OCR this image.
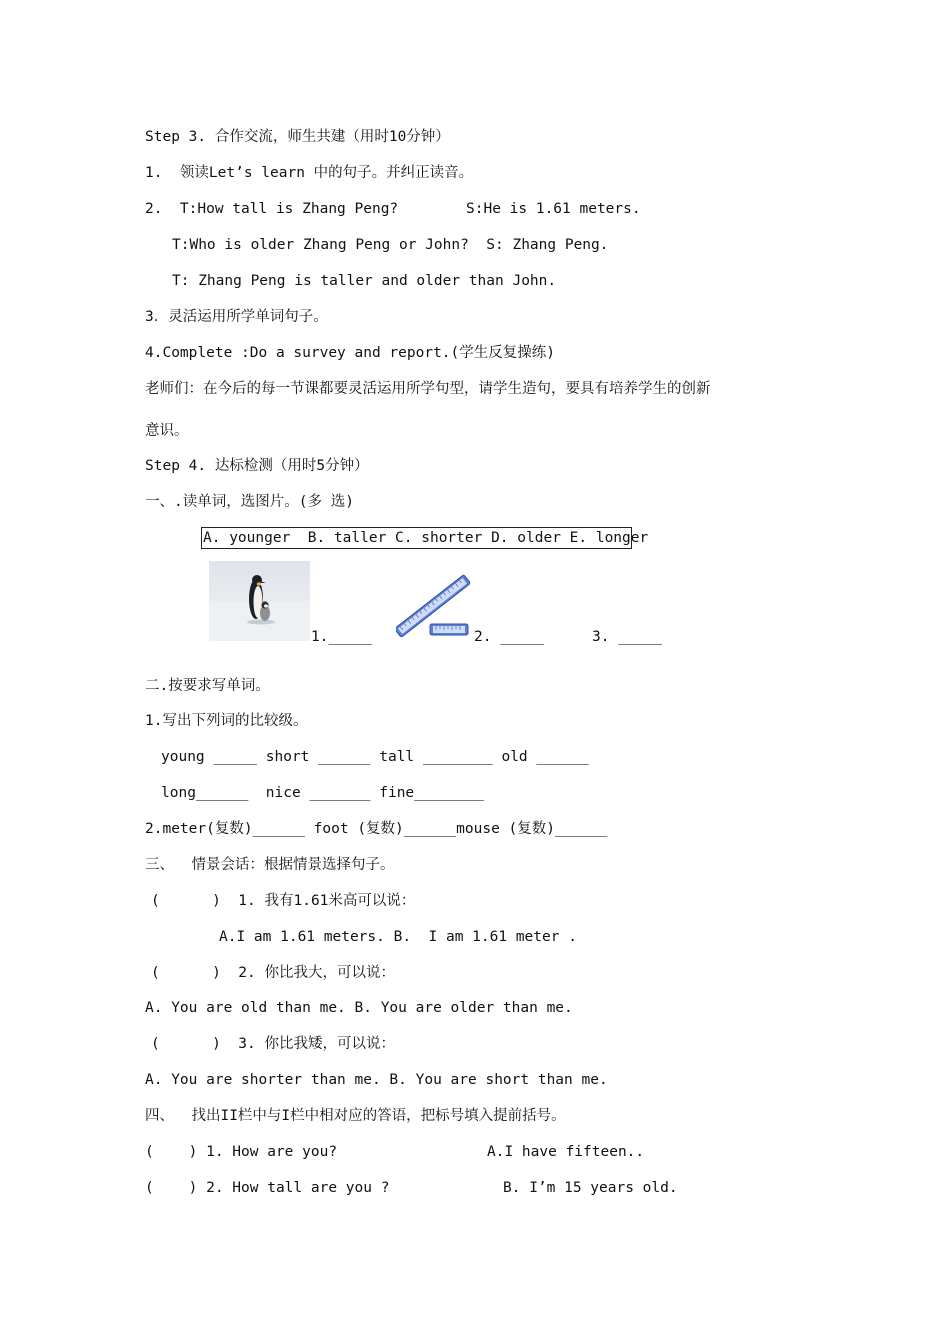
Step 3. 合作交流，师生共建（用时10分钟）
1.  领读Let’s learn 中的句子。并纠正读音。
2.  T:How tall is Zhang Peng?	S:He is 1.61 meters.
T:Who is older Zhang Peng or John?  S: Zhang Peng.
T: Zhang Peng is taller and older than John.
3．灵活运用所学单词句子。
4.Complete :Do a survey and report.(学生反复操练)
老师们：在今后的每一节课都要灵活运用所学句型，请学生造句，要具有培养学生的创新
意识。
Step 4. 达标检测（用时5分钟）
一、.读单词，选图片。(多 选)
A. younger  B. taller C. shorter D. older E. longer
1._____	2. _____	3. _____
二.按要求写单词。
1.写出下列词的比较级。
young _____ short ______ tall ________ old ______
long______  nice _______ fine________
2.meter(复数)______ foot (复数)______mouse (复数)______
三、  情景会话：根据情景选择句子。
(      )  1. 我有1.61米高可以说：
A.I am 1.61 meters. B.  I am 1.61 meter .
(      )  2. 你比我大，可以说：
A. You are old than me. B. You are older than me.
(      )  3. 你比我矮，可以说：
A. You are shorter than me. B. You are short than me.
四、  找出II栏中与I栏中相对应的答语，把标号填入提前括号。
(    ) 1. How are you?	A.I have fifteen..
(    ) 2. How tall are you ?	B. I’m 15 years old.
